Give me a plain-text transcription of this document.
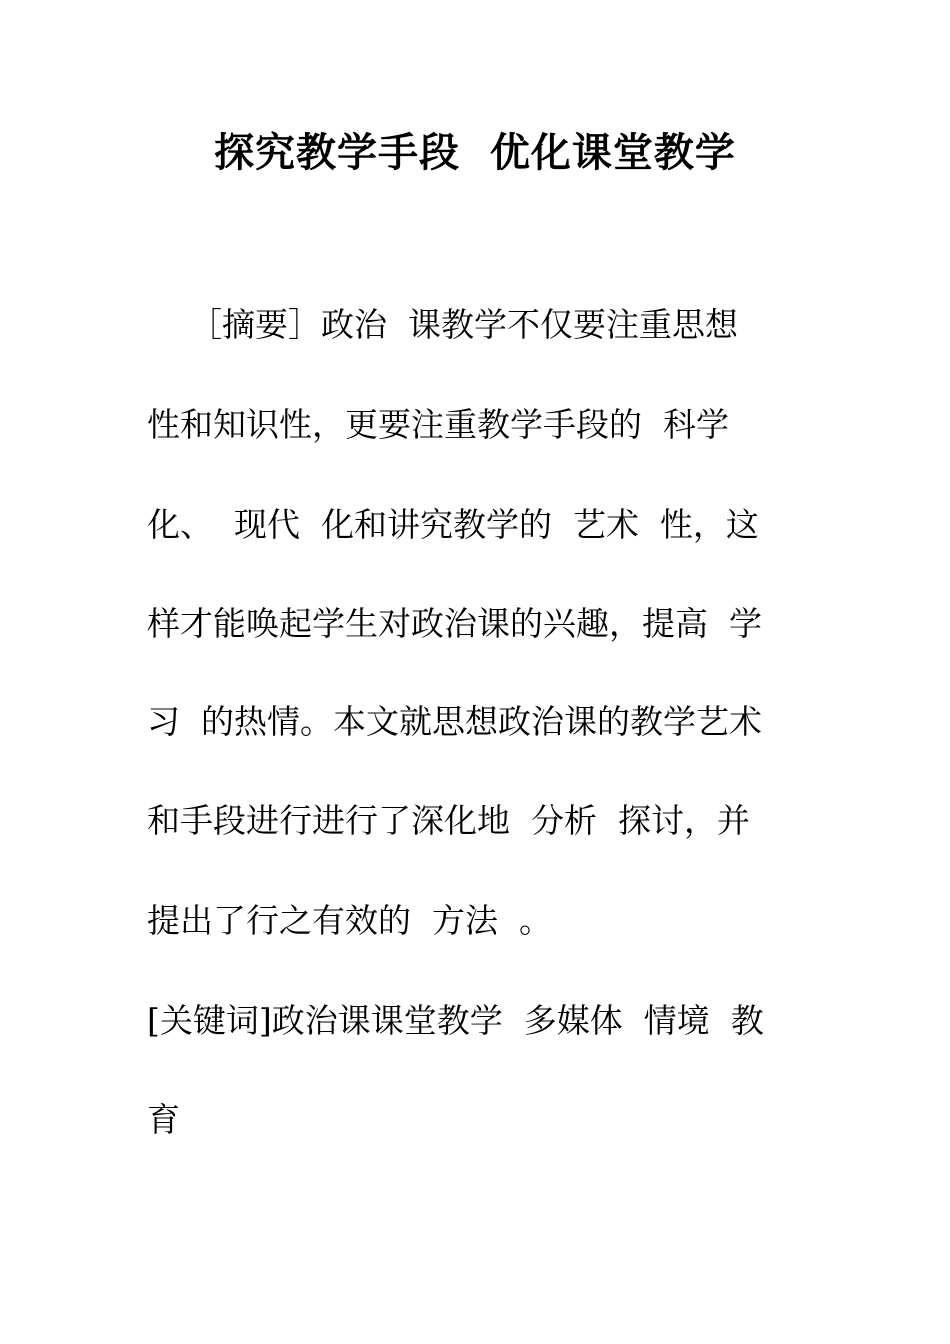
探究教学手段  优化课堂教学
［摘要］政治  课教学不仅要注重思想
性和知识性，更要注重教学手段的  科学
化、  现代  化和讲究教学的  艺术  性，这
样才能唤起学生对政治课的兴趣，提高  学
习  的热情。本文就思想政治课的教学艺术
和手段进行进行了深化地  分析  探讨，并
提出了行之有效的  方法  。
[关键词]政治课课堂教学  多媒体  情境  教
育
